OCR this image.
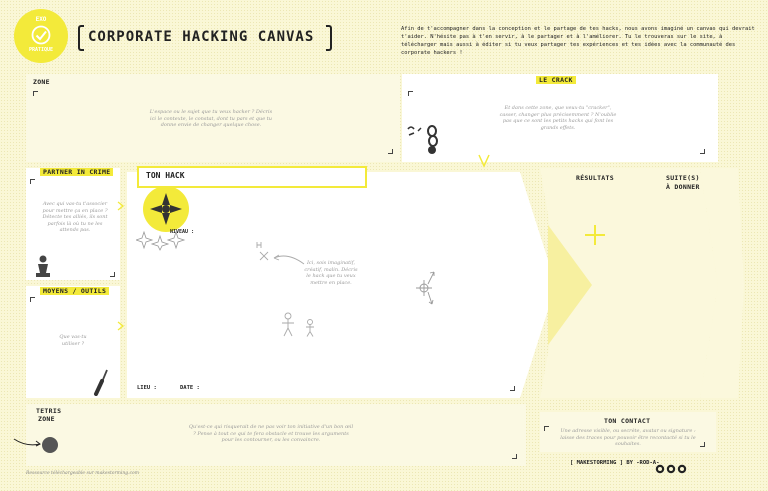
EXO
PRATIQUE
CORPORATE HACKING CANVAS	Afin de t'accompagner dans la conception et le partage de tes hacks, nous avons imaginé un canvas qui devrait t'aider. N'hésite pas à t'en servir, à le partager et à l'améliorer. Tu le trouveras sur le site, à télécharger mais aussi à éditer si tu veux partager tes expériences et tes idées avec la communauté des corporate hackers !
ZONE
L'espace ou le sujet que tu veux hacker ? Décris ici le contexte, le constat, dont tu pars et que tu donne envie de changer quelque chose.
LE CRACK
Et dans cette zone, que veux-tu "cracker", casser, changer plus précisemment ? N'oublie pas que ce sont les petits hacks qui font les grands effets.
PARTNER IN CRIME
Avec qui vas-tu t'associer pour mettre ça en place ? Détecte tes alliés, ils sont parfois là où tu ne les attends pas.
MOYENS / OUTILS
Que vas-tu utiliser ?
TON HACK
NIVEAU :
Ici, sois imaginatif, créatif, malin. Décris le hack que tu veux mettre en place.
LIEU :	DATE :
RÉSULTATS	SUITE(S) À DONNER
TETRIS
ZONE
Qu'est-ce qui risquerait de ne pas voir ton initiative d'un bon œil ? Pense à tout ce qui te fera obstacle et trouve les arguments pour les contourner, ou les convaincre.
TON CONTACT
Une adresse visible, ou secrète, avatar ou signature : laisse des traces pour pouvoir être recontacté si tu le souhaites.
Ressource téléchargeable sur makestorming.com
[ MAKESTORMING ] BY -ROD-A-
